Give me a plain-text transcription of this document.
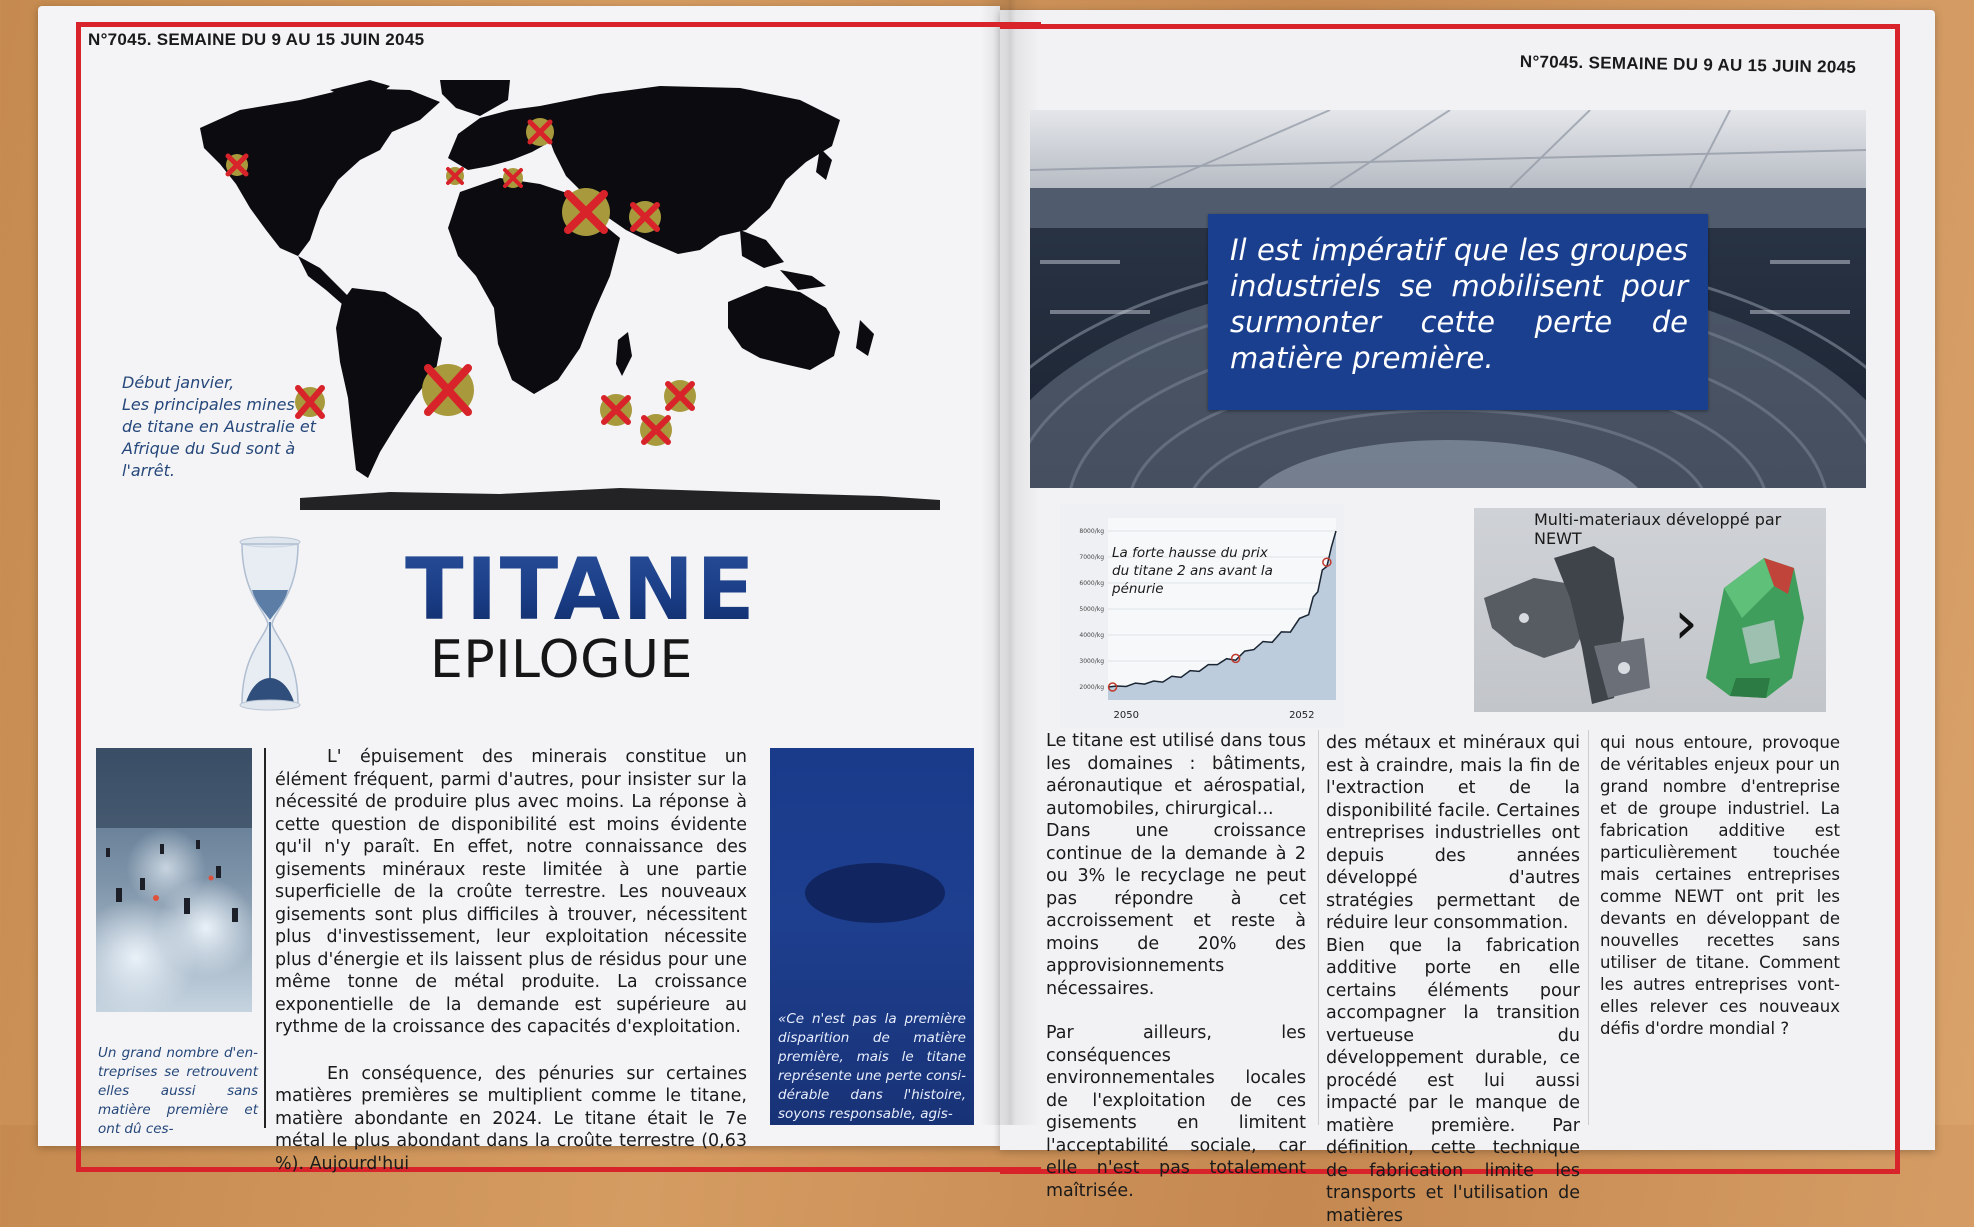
N°7045. SEMAINE DU 9 AU 15 JUIN 2045
Début janvier,
Les principales mines
de titane en Australie et
Afrique du Sud sont à
l'arrêt.
TITANE
EPILOGUE
Un grand nombre d'en-treprises se retrouvent elles aussi sans matière première et ont dû ces-

L' épuisement des minerais constitue un élément fréquent, parmi d'autres, pour insister sur la nécessité de produire plus avec moins. La réponse à cette question de disponibilité est moins évidente qu'il n'y paraît. En effet, notre connaissance des gisements minéraux reste limitée à une partie superficielle de la croûte terrestre. Les nouveaux gisements sont plus difficiles à trouver, nécessitent plus d'investissement, leur exploitation nécessite plus d'énergie et ils laissent plus de résidus pour une même tonne de métal produite. La croissance exponentielle de la demande est supérieure au rythme de la croissance des capacités d'exploitation.

En conséquence, des pénuries sur certaines matières premières se multiplient comme le titane, matière abondante en 2024. Le titane était le 7e métal le plus abondant dans la croûte terrestre (0,63 %). Aujourd'hui

«Ce n'est pas la première disparition de matière première, mais le titane représente une perte consi-dérable dans l'histoire, soyons responsable, agis-
N°7045. SEMAINE DU 9 AU 15 JUIN 2045
Il est impératif que les groupes industriels se mobilisent pour surmonter cette perte de matière première.
8000/kg
7000/kg
6000/kg
5000/kg
4000/kg
3000/kg
2000/kg
2050	2052
La forte hausse du prix du titane 2 ans avant la pénurie
Multi-materiaux développé par NEWT
›

Le titane est utilisé dans tous les domaines : bâtiments, aéronautique et aérospatial, automobiles, chirurgical...

Dans une croissance continue de la demande à 2 ou 3% le recyclage ne peut pas répondre à cet accroissement et reste à moins de 20% des approvisionnements nécessaires.

Par ailleurs, les conséquences environnementales locales de l'exploitation de ces gisements en limitent l'acceptabilité sociale, car elle n'est pas totalement maîtrisée.

des métaux et minéraux qui est à craindre, mais la fin de l'extraction et de la disponibilité facile. Certaines entreprises industrielles ont depuis des années développé d'autres stratégies permettant de réduire leur consommation.

Bien que la fabrication additive porte en elle certains éléments pour accompagner la transition vertueuse du développement durable, ce procédé est lui aussi impacté par le manque de matière première. Par définition, cette technique de fabrication limite les transports et l'utilisation de matières

qui nous entoure, provoque de véritables enjeux pour un grand nombre d'entreprise et de groupe industriel. La fabrication additive est particulièrement touchée mais certaines entreprises comme NEWT ont prit les devants en développant de nouvelles recettes sans utiliser de titane. Comment les autres entreprises vont-elles relever ces nouveaux défis d'ordre mondial ?
